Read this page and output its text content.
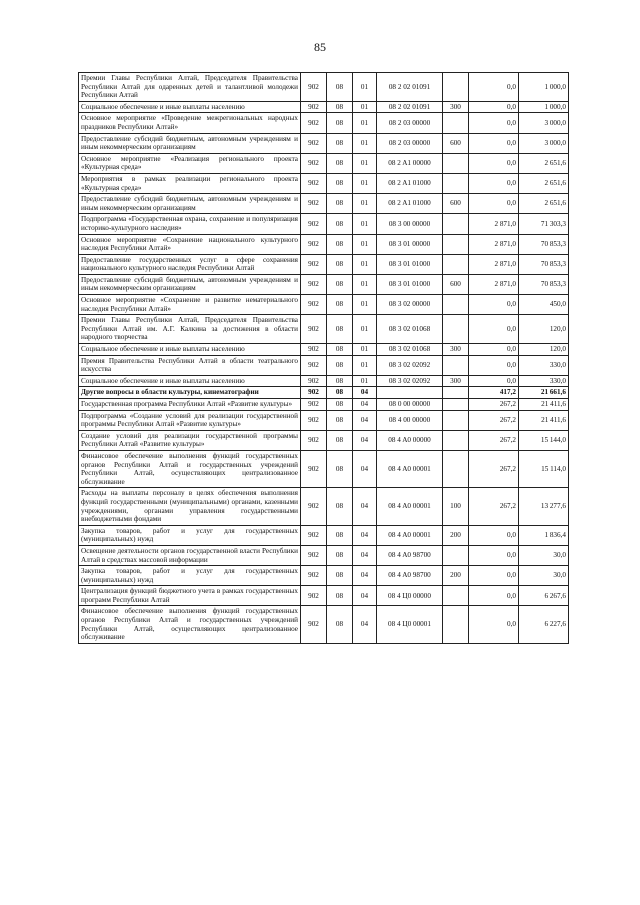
85
Премии Главы Республики Алтай, Председателя Правительства Республики Алтай для одаренных детей и талантливой молодежи Республики Алтай	902	08	01	08 2 02 01091		0,0	1 000,0
Социальное обеспечение и иные выплаты населению	902	08	01	08 2 02 01091	300	0,0	1 000,0
Основное мероприятие «Проведение межрегиональных народных праздников Республики Алтай»	902	08	01	08 2 03 00000		0,0	3 000,0
Предоставление субсидий бюджетным, автономным учреждениям и иным некоммерческим организациям	902	08	01	08 2 03 00000	600	0,0	3 000,0
Основное мероприятие «Реализация регионального проекта «Культурная среда»	902	08	01	08 2 A1 00000		0,0	2 651,6
Мероприятия в рамках реализации регионального проекта «Культурная среда»	902	08	01	08 2 A1 01000		0,0	2 651,6
Предоставление субсидий бюджетным, автономным учреждениям и иным некоммерческим организациям	902	08	01	08 2 A1 01000	600	0,0	2 651,6
Подпрограмма «Государственная охрана, сохранение и популяризация историко-культурного наследия»	902	08	01	08 3 00 00000		2 871,0	71 303,3
Основное мероприятие «Сохранение национального культурного наследия Республики Алтай»	902	08	01	08 3 01 00000		2 871,0	70 853,3
Предоставление государственных услуг в сфере сохранения национального культурного наследия Республики Алтай	902	08	01	08 3 01 01000		2 871,0	70 853,3
Предоставление субсидий бюджетным, автономным учреждениям и иным некоммерческим организациям	902	08	01	08 3 01 01000	600	2 871,0	70 853,3
Основное мероприятие «Сохранение и развитие нематериального наследия Республики Алтай»	902	08	01	08 3 02 00000		0,0	450,0
Премии Главы Республики Алтай, Председателя Правительства Республики Алтай им. А.Г. Калкина за достижения в области народного творчества	902	08	01	08 3 02 01068		0,0	120,0
Социальное обеспечение и иные выплаты населению	902	08	01	08 3 02 01068	300	0,0	120,0
Премия Правительства Республики Алтай в области театрального искусства	902	08	01	08 3 02 02092		0,0	330,0
Социальное обеспечение и иные выплаты населению	902	08	01	08 3 02 02092	300	0,0	330,0
Другие вопросы в области культуры, кинематографии	902	08	04			417,2	21 661,6
Государственная программа Республики Алтай «Развитие культуры»	902	08	04	08 0 00 00000		267,2	21 411,6
Подпрограмма «Создание условий для реализации государственной программы Республики Алтай «Развитие культуры»	902	08	04	08 4 00 00000		267,2	21 411,6
Создание условий для реализации государственной программы Республики Алтай «Развитие культуры»	902	08	04	08 4 A0 00000		267,2	15 144,0
Финансовое обеспечение выполнения функций государственных органов Республики Алтай и государственных учреждений Республики Алтай, осуществляющих централизованное обслуживание	902	08	04	08 4 A0 00001		267,2	15 114,0
Расходы на выплаты персоналу в целях обеспечения выполнения функций государственными (муниципальными) органами, казенными учреждениями, органами управления государственными внебюджетными фондами	902	08	04	08 4 A0 00001	100	267,2	13 277,6
Закупка товаров, работ и услуг для государственных (муниципальных) нужд	902	08	04	08 4 A0 00001	200	0,0	1 836,4
Освещение деятельности органов государственной власти Республики Алтай в средствах массовой информации	902	08	04	08 4 A0 98700		0,0	30,0
Закупка товаров, работ и услуг для государственных (муниципальных) нужд	902	08	04	08 4 A0 98700	200	0,0	30,0
Централизация функций бюджетного учета в рамках государственных программ Республики Алтай	902	08	04	08 4 Ц0 00000		0,0	6 267,6
Финансовое обеспечение выполнения функций государственных органов Республики Алтай и государственных учреждений Республики Алтай, осуществляющих централизованное обслуживание	902	08	04	08 4 Ц0 00001		0,0	6 227,6
